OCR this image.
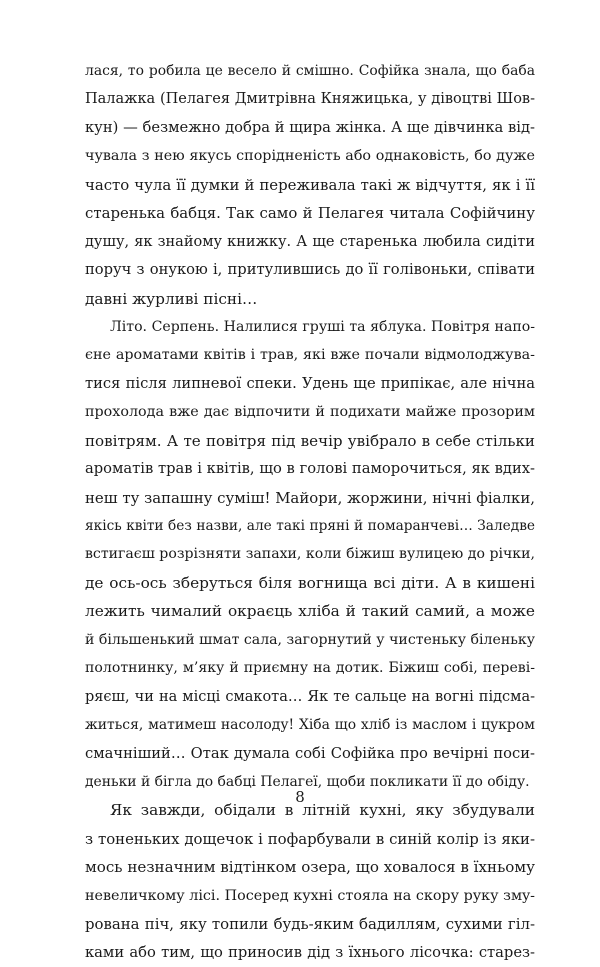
лася, то робила це весело й смішно. Софійка знала, що баба
Палажка (Пелагея Дмитрівна Княжицька, у дівоцтві Шов-
кун) — безмежно добра й щира жінка. А ще дівчинка від-
чувала з нею якусь спорідненість або однаковість, бо дуже
часто чула її думки й переживала такі ж відчуття, як і її
старенька бабця. Так само й Пелагея читала Софійчину
душу, як знайому книжку. А ще старенька любила сидіти
поруч з онукою і, притулившись до її голівоньки, співати
давні журливі пісні…
Літо. Серпень. Налилися груші та яблука. Повітря напо-
єне ароматами квітів і трав, які вже почали відмолоджува-
тися після липневої спеки. Удень ще припікає, але нічна
прохолода вже дає відпочити й подихати майже прозорим
повітрям. А те повітря під вечір увібрало в себе стільки
ароматів трав і квітів, що в голові паморочиться, як вдих-
неш ту запашну суміш! Майори, жоржини, нічні фіалки,
якісь квіти без назви, але такі пряні й помаранчеві… Заледве
встигаєш розрізняти запахи, коли біжиш вулицею до річки,
де ось-ось зберуться біля вогнища всі діти. А в кишені
лежить чималий окраєць хліба й такий самий, а може
й більшенький шмат сала, загорнутий у чистеньку біленьку
полотнинку, м’яку й приємну на дотик. Біжиш собі, переві-
ряєш, чи на місці смакота… Як те сальце на вогні підсма-
житься, матимеш насолоду! Хіба що хліб із маслом і цукром
смачніший… Отак думала собі Софійка про вечірні поси-
деньки й бігла до бабці Пелагеї, щоби покликати її до обіду.
Як завжди, обідали в літній кухні, яку збудували
з тоненьких дощечок і пофарбували в синій колір із яки-
мось незначним відтінком озера, що ховалося в їхньому
невеличкому лісі. Посеред кухні стояла на скору руку змy-
рована піч, яку топили будь-яким бадиллям, сухими гіл-
ками або тим, що приносив дід з їхнього лісочка: старез-
8
